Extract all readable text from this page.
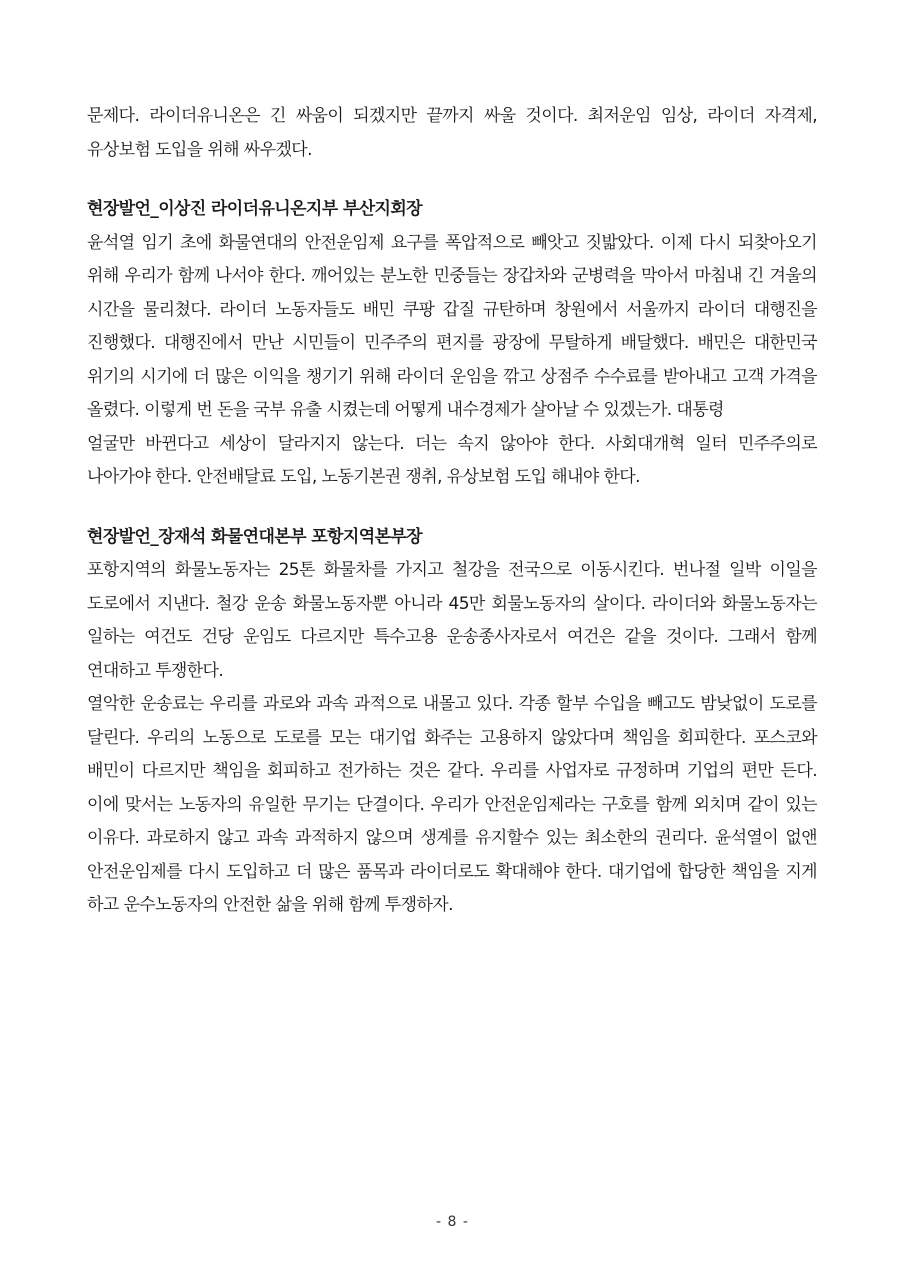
문제다. 라이더유니온은 긴 싸움이 되겠지만 끝까지 싸울 것이다. 최저운임 임상, 라이더 자격제, 유상보험 도입을 위해 싸우겠다.

현장발언_이상진 라이더유니온지부 부산지회장

윤석열 임기 초에 화물연대의 안전운임제 요구를 폭압적으로 빼앗고 짓밟았다. 이제 다시 되찾아오기 위해 우리가 함께 나서야 한다. 깨어있는 분노한 민중들는 장갑차와 군병력을 막아서 마침내 긴 겨울의 시간을 물리쳤다. 라이더 노동자들도 배민 쿠팡 갑질 규탄하며 창원에서 서울까지 라이더 대행진을 진행했다. 대행진에서 만난 시민들이 민주주의 편지를 광장에 무탈하게 배달했다. 배민은 대한민국 위기의 시기에 더 많은 이익을 챙기기 위해 라이더 운임을 깎고 상점주 수수료를 받아내고 고객 가격을 올렸다. 이렇게 번 돈을 국부 유출 시켰는데 어떻게 내수경제가 살아날 수 있겠는가. 대통령

얼굴만 바뀐다고 세상이 달라지지 않는다. 더는 속지 않아야 한다. 사회대개혁 일터 민주주의로 나아가야 한다. 안전배달료 도입, 노동기본권 쟁취, 유상보험 도입 해내야 한다.

현장발언_장재석 화물연대본부 포항지역본부장

포항지역의 화물노동자는 25톤 화물차를 가지고 철강을 전국으로 이동시킨다. 번나절 일박 이일을 도로에서 지낸다. 철강 운송 화물노동자뿐 아니라 45만 회물노동자의 살이다. 라이더와 화물노동자는 일하는 여건도 건당 운임도 다르지만 특수고용 운송종사자로서 여건은 같을 것이다. 그래서 함께 연대하고 투쟁한다.

열악한 운송료는 우리를 과로와 과속 과적으로 내몰고 있다. 각종 할부 수입을 빼고도 밤낮없이 도로를 달린다. 우리의 노동으로 도로를 모는 대기업 화주는 고용하지 않았다며 책임을 회피한다. 포스코와 배민이 다르지만 책임을 회피하고 전가하는 것은 같다. 우리를 사업자로 규정하며 기업의 편만 든다. 이에 맞서는 노동자의 유일한 무기는 단결이다. 우리가 안전운임제라는 구호를 함께 외치며 같이 있는 이유다. 과로하지 않고 과속 과적하지 않으며 생계를 유지할수 있는 최소한의 권리다. 윤석열이 없앤 안전운임제를 다시 도입하고 더 많은 품목과 라이더로도 확대해야 한다. 대기업에 합당한 책임을 지게 하고 운수노동자의 안전한 삶을 위해 함께 투쟁하자.

- 8 -
